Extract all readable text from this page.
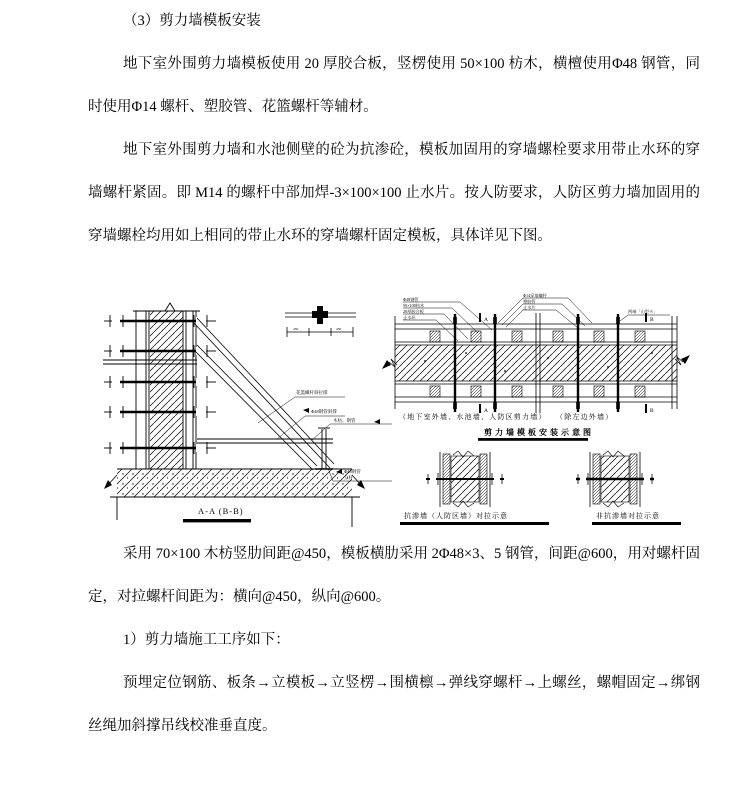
（3）剪力墙模板安装

地下室外围剪力墙模板使用 20 厚胶合板，竖楞使用 50×100 枋木，横檀使用Φ48 钢管，同时使用Φ14 螺杆、塑胶管、花篮螺杆等辅材。

地下室外围剪力墙和水池侧壁的砼为抗渗砼，模板加固用的穿墙螺栓要求用带止水环的穿墙螺杆紧固。即 M14 的螺杆中部加焊-3×100×100 止水片。按人防要求，人防区剪力墙加固用的穿墙螺栓均用如上相同的带止水环的穿墙螺杆固定模板，具体详见下图。

A-A (B-B)
450	450
花篮螺杆斜拉撑
Φ48钢管斜撑
木枋、钢管
Φ48钢管
立杆
A
A
B
B
Φ48钢管
50×100枋木
20厚胶合板
止水环
Φ14穿墙螺杆
塑胶管
止水片
两端「山型卡」
（地下室外墙、水池墙、人防区剪力墙） （除左边外墙）
剪力墙模板安装示意图
抗渗墙（人防区墙）对拉示意	非抗渗墙对拉示意

采用 70×100 木枋竖肋间距@450，模板横肋采用 2Φ48×3、5 钢管，间距@600，用对螺杆固定，对拉螺杆间距为：横向@450，纵向@600。

1）剪力墙施工工序如下：

预埋定位钢筋、板条→立模板→立竖楞→围横檩→弹线穿螺杆→上螺丝，螺帽固定→绑钢丝绳加斜撑吊线校准垂直度。
